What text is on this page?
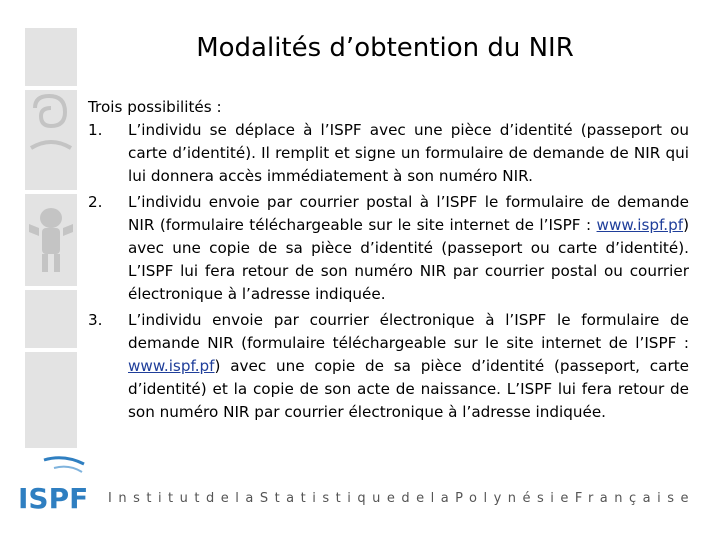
Modalités d’obtention du NIR

Trois possibilités :

1. L’individu se déplace à l’ISPF avec une pièce d’identité (passeport ou carte d’identité). Il remplit et signe un formulaire de demande de NIR qui lui donnera accès immédiatement à son numéro NIR.
2. L’individu envoie par courrier postal à l’ISPF le formulaire de demande NIR (formulaire téléchargeable sur le site internet de l’ISPF : www.ispf.pf) avec une copie de sa pièce d’identité (passeport ou carte d’identité). L’ISPF lui fera retour de son numéro NIR par courrier postal ou courrier électronique à l’adresse indiquée.
3. L’individu envoie par courrier électronique à l’ISPF le formulaire de demande NIR (formulaire téléchargeable sur le site internet de l’ISPF : www.ispf.pf) avec une copie de sa pièce d’identité (passeport, carte d’identité) et la copie de son acte de naissance. L’ISPF lui fera retour de son numéro NIR par courrier électronique à l’adresse indiquée.
ISPF Institut de la Statistique de la Polynésie Française
